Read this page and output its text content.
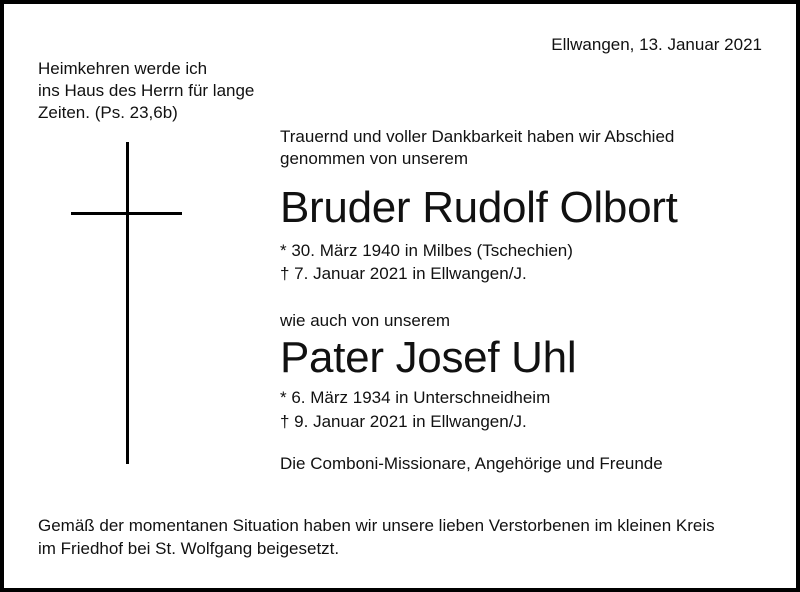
Ellwangen, 13. Januar 2021
Heimkehren werde ich
ins Haus des Herrn für lange
Zeiten. (Ps. 23,6b)
Trauernd und voller Dankbarkeit haben wir Abschied
genommen von unserem
Bruder Rudolf Olbort
* 30. März 1940 in Milbes (Tschechien)
† 7. Januar 2021 in Ellwangen/J.
wie auch von unserem
Pater Josef Uhl
* 6. März 1934 in Unterschneidheim
† 9. Januar 2021 in Ellwangen/J.
Die Comboni-Missionare, Angehörige und Freunde
Gemäß der momentanen Situation haben wir unsere lieben Verstorbenen im kleinen Kreis
im Friedhof bei St. Wolfgang beigesetzt.
